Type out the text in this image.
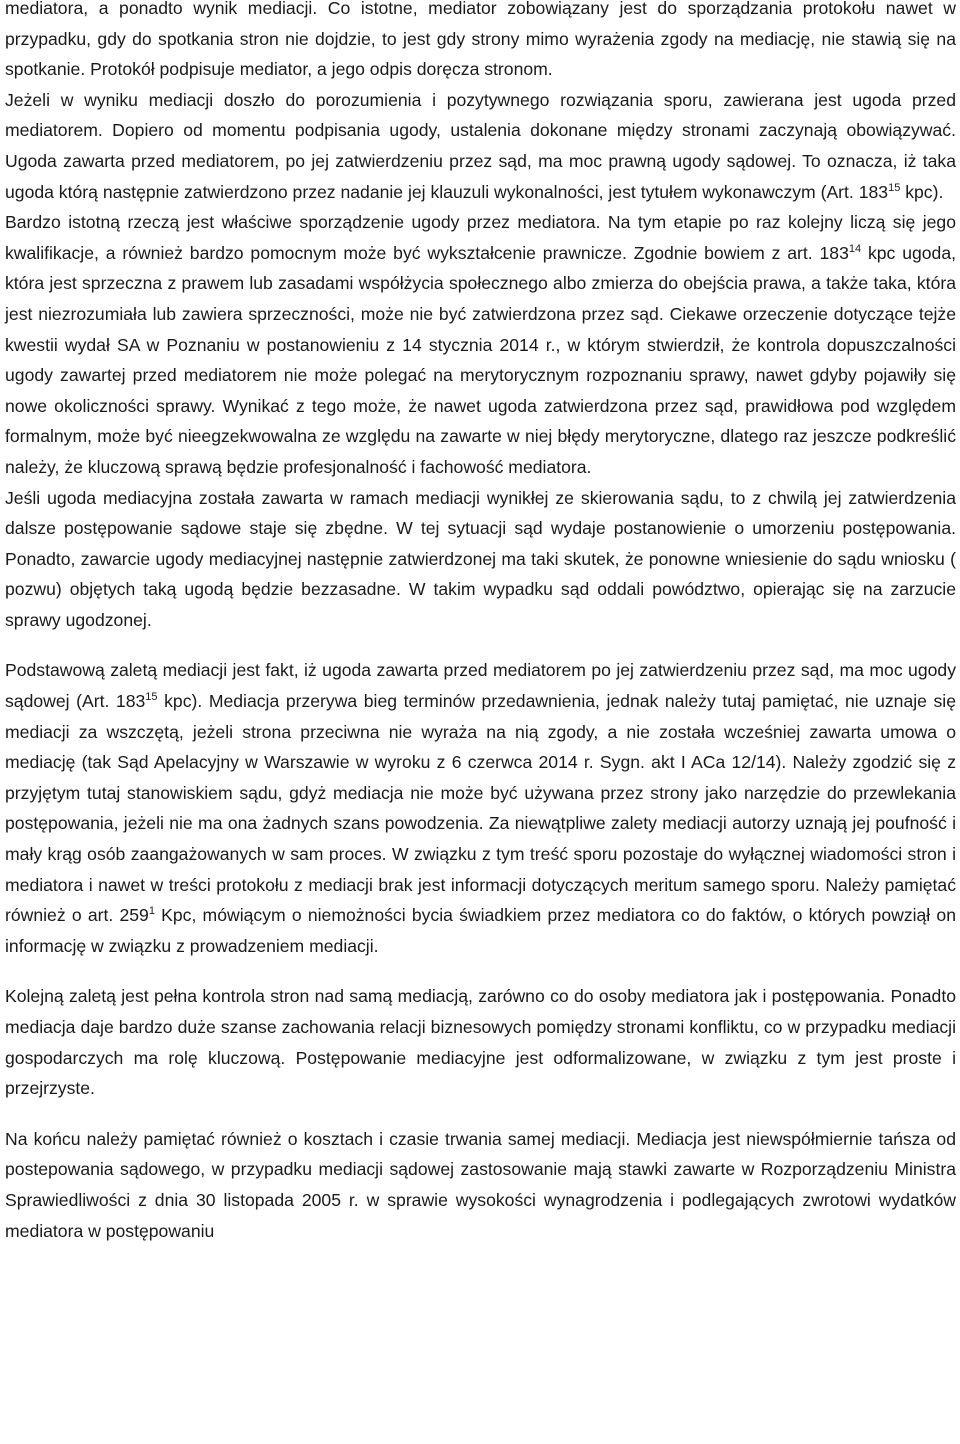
mediatora, a ponadto wynik mediacji. Co istotne, mediator zobowiązany jest do sporządzania protokołu nawet w przypadku, gdy do spotkania stron nie dojdzie, to jest gdy strony mimo wyrażenia zgody na mediację, nie stawią się na spotkanie. Protokół podpisuje mediator, a jego odpis doręcza stronom.

Jeżeli w wyniku mediacji doszło do porozumienia i pozytywnego rozwiązania sporu, zawierana jest ugoda przed mediatorem. Dopiero od momentu podpisania ugody, ustalenia dokonane między stronami zaczynają obowiązywać. Ugoda zawarta przed mediatorem, po jej zatwierdzeniu przez sąd, ma moc prawną ugody sądowej. To oznacza, iż taka ugoda którą następnie zatwierdzono przez nadanie jej klauzuli wykonalności, jest tytułem wykonawczym (Art. $183^{15}$ kpc).

Bardzo istotną rzeczą jest właściwe sporządzenie ugody przez mediatora. Na tym etapie po raz kolejny liczą się jego kwalifikacje, a również bardzo pomocnym może być wykształcenie prawnicze. Zgodnie bowiem z art. $183^{14}$ kpc ugoda, która jest sprzeczna z prawem lub zasadami współżycia społecznego albo zmierza do obejścia prawa, a także taka, która jest niezrozumiała lub zawiera sprzeczności, może nie być zatwierdzona przez sąd. Ciekawe orzeczenie dotyczące tejże kwestii wydał SA w Poznaniu w postanowieniu z 14 stycznia 2014 r., w którym stwierdził, że kontrola dopuszczalności ugody zawartej przed mediatorem nie może polegać na merytorycznym rozpoznaniu sprawy, nawet gdyby pojawiły się nowe okoliczności sprawy. Wynikać z tego może, że nawet ugoda zatwierdzona przez sąd, prawidłowa pod względem formalnym, może być nieegzekwowalna ze względu na zawarte w niej błędy merytoryczne, dlatego raz jeszcze podkreślić należy, że kluczową sprawą będzie profesjonalność i fachowość mediatora.

Jeśli ugoda mediacyjna została zawarta w ramach mediacji wynikłej ze skierowania sądu, to z chwilą jej zatwierdzenia dalsze postępowanie sądowe staje się zbędne. W tej sytuacji sąd wydaje postanowienie o umorzeniu postępowania. Ponadto, zawarcie ugody mediacyjnej następnie zatwierdzonej ma taki skutek, że ponowne wniesienie do sądu wniosku ( pozwu) objętych taką ugodą będzie bezzasadne. W takim wypadku sąd oddali powództwo, opierając się na zarzucie sprawy ugodzonej.

Podstawową zaletą mediacji jest fakt, iż ugoda zawarta przed mediatorem po jej zatwierdzeniu przez sąd, ma moc ugody sądowej (Art. $183^{15}$ kpc). Mediacja przerywa bieg terminów przedawnienia, jednak należy tutaj pamiętać, nie uznaje się mediacji za wszczętą, jeżeli strona przeciwna nie wyraża na nią zgody, a nie została wcześniej zawarta umowa o mediację (tak Sąd Apelacyjny w Warszawie w wyroku z 6 czerwca 2014 r. Sygn. akt I ACa 12/14). Należy zgodzić się z przyjętym tutaj stanowiskiem sądu, gdyż mediacja nie może być używana przez strony jako narzędzie do przewlekania postępowania, jeżeli nie ma ona żadnych szans powodzenia. Za niewątpliwe zalety mediacji autorzy uznają jej poufność i mały krąg osób zaangażowanych w sam proces. W związku z tym treść sporu pozostaje do wyłącznej wiadomości stron i mediatora i nawet w treści protokołu z mediacji brak jest informacji dotyczących meritum samego sporu. Należy pamiętać również o art. $259^1$ Kpc, mówiącym o niemożności bycia świadkiem przez mediatora co do faktów, o których powziął on informację w związku z prowadzeniem mediacji.

Kolejną zaletą jest pełna kontrola stron nad samą mediacją, zarówno co do osoby mediatora jak i postępowania. Ponadto mediacja daje bardzo duże szanse zachowania relacji biznesowych pomiędzy stronami konfliktu, co w przypadku mediacji gospodarczych ma rolę kluczową. Postępowanie mediacyjne jest odformalizowane, w związku z tym jest proste i przejrzyste.

Na końcu należy pamiętać również o kosztach i czasie trwania samej mediacji. Mediacja jest niewspółmiernie tańsza od postepowania sądowego, w przypadku mediacji sądowej zastosowanie mają stawki zawarte w Rozporządzeniu Ministra Sprawiedliwości z dnia 30 listopada 2005 r. w sprawie wysokości wynagrodzenia i podlegających zwrotowi wydatków mediatora w postępowaniu
